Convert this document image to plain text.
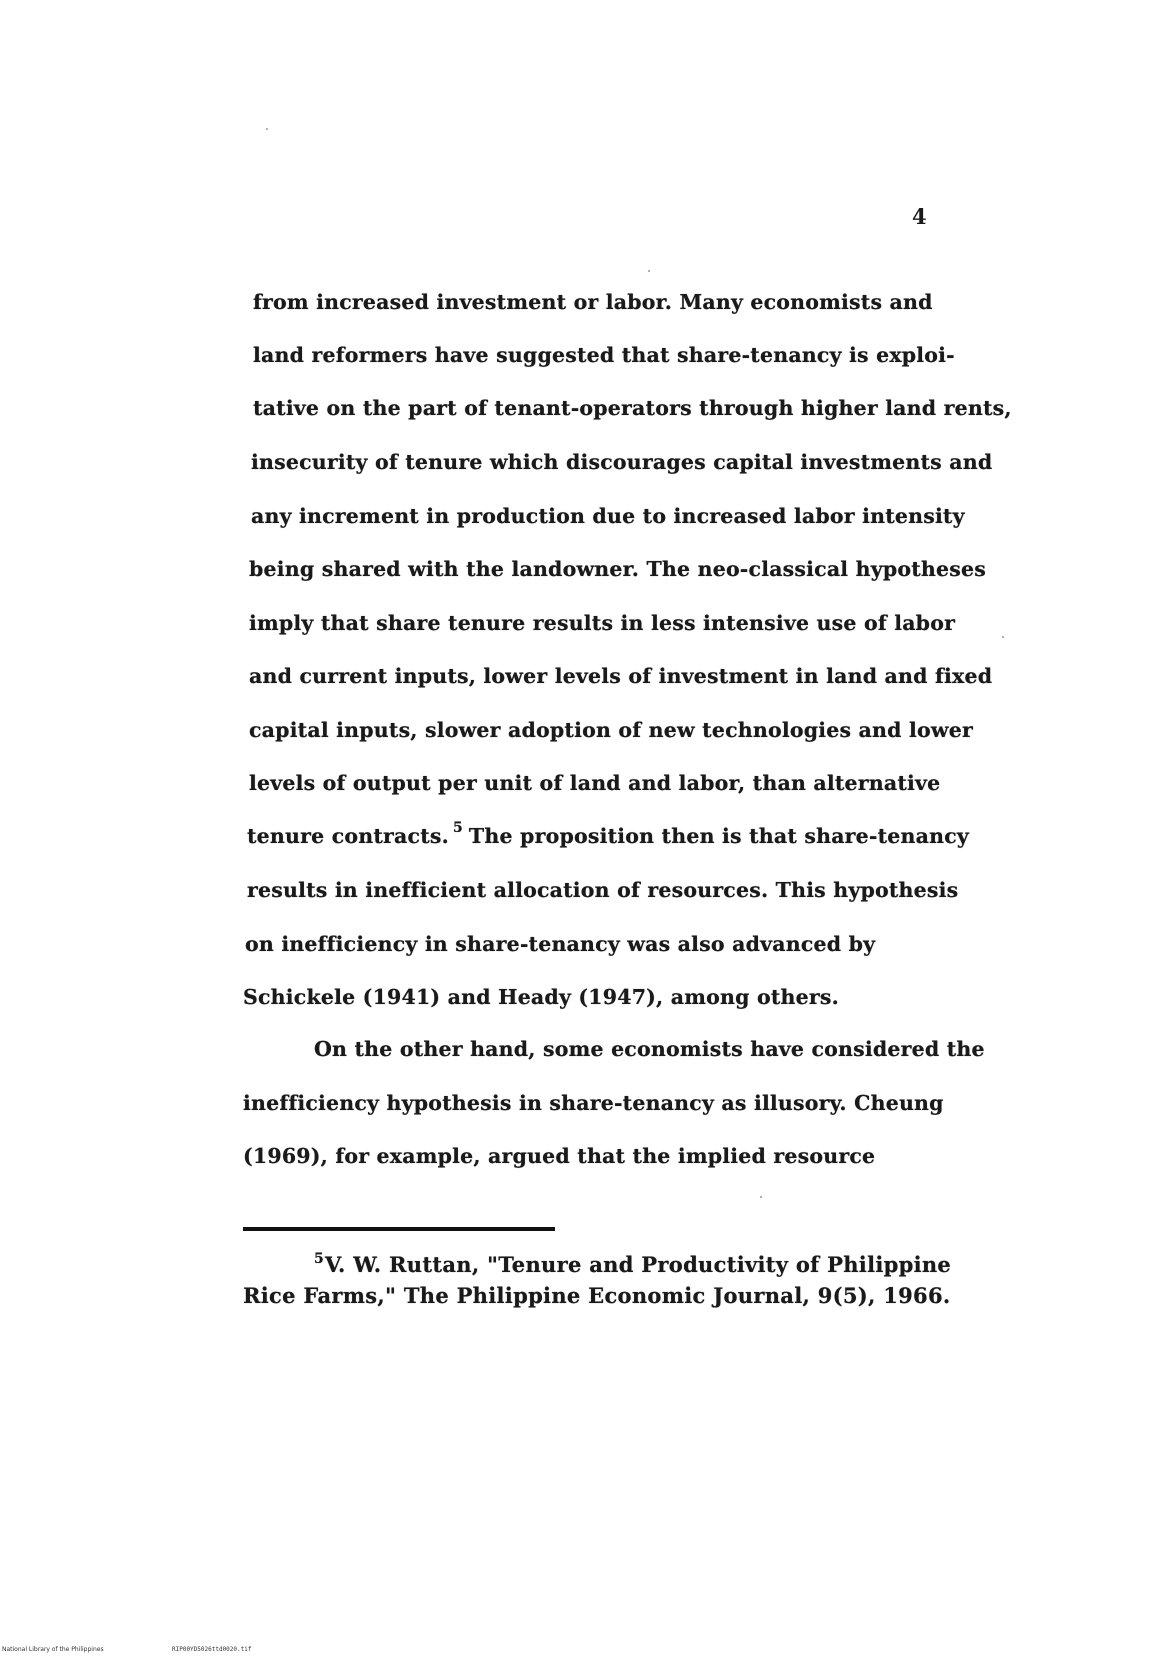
4
from increased investment or labor. Many economists and
land reformers have suggested that share-tenancy is exploi-
tative on the part of tenant-operators through higher land rents,
insecurity of tenure which discourages capital investments and
any increment in production due to increased labor intensity
being shared with the landowner. The neo-classical hypotheses
imply that share tenure results in less intensive use of labor
and current inputs, lower levels of investment in land and fixed
capital inputs, slower adoption of new technologies and lower
levels of output per unit of land and labor, than alternative
tenure contracts. $^5$ The proposition then is that share-tenancy
results in inefficient allocation of resources. This hypothesis
on inefficiency in share-tenancy was also advanced by
Schickele (1941) and Heady (1947), among others.
On the other hand, some economists have considered the
inefficiency hypothesis in share-tenancy as illusory. Cheung
(1969), for example, argued that the implied resource
$^5$V. W. Ruttan, "Tenure and Productivity of Philippine
Rice Farms," The Philippine Economic Journal, 9(5), 1966.
National Library of the Philippines	RIP00YD5026ttd0020.tif
